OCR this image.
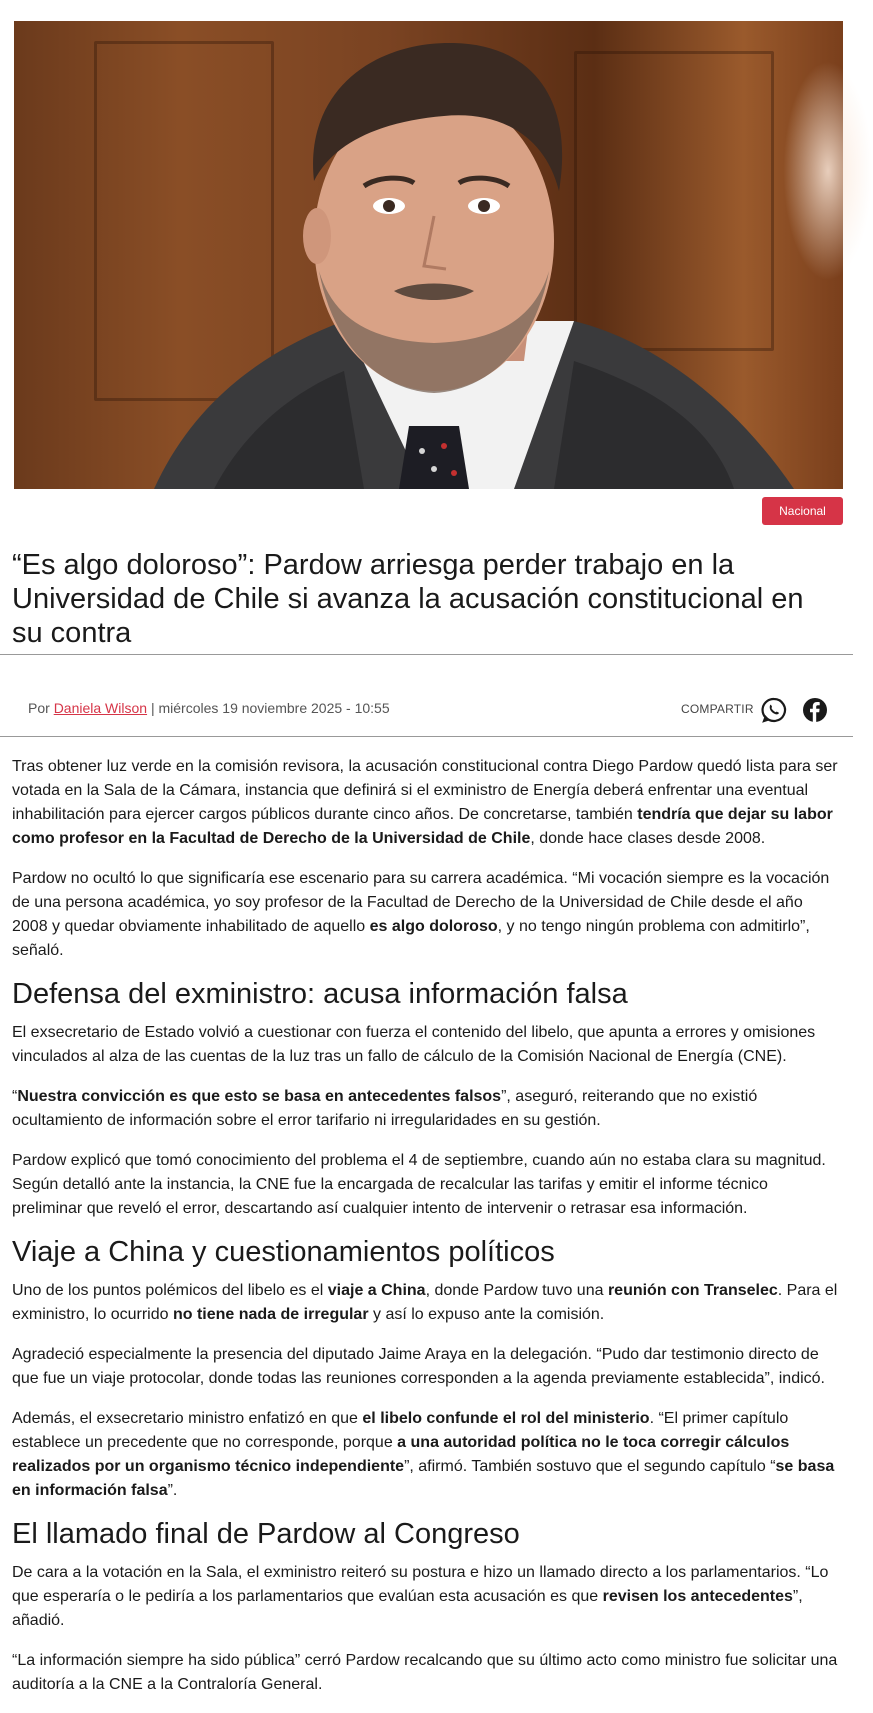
Nacional
“Es algo doloroso”: Pardow arriesga perder trabajo en la Universidad de Chile si avanza la acusación constitucional en su contra
Por Daniela Wilson | miércoles 19 noviembre 2025 - 10:55	COMPARTIR

Tras obtener luz verde en la comisión revisora, la acusación constitucional contra Diego Pardow quedó lista para ser votada en la Sala de la Cámara, instancia que definirá si el exministro de Energía deberá enfrentar una eventual inhabilitación para ejercer cargos públicos durante cinco años. De concretarse, también tendría que dejar su labor como profesor en la Facultad de Derecho de la Universidad de Chile, donde hace clases desde 2008.

Pardow no ocultó lo que significaría ese escenario para su carrera académica. “Mi vocación siempre es la vocación de una persona académica, yo soy profesor de la Facultad de Derecho de la Universidad de Chile desde el año 2008 y quedar obviamente inhabilitado de aquello es algo doloroso, y no tengo ningún problema con admitirlo”, señaló.

Defensa del exministro: acusa información falsa

El exsecretario de Estado volvió a cuestionar con fuerza el contenido del libelo, que apunta a errores y omisiones vinculados al alza de las cuentas de la luz tras un fallo de cálculo de la Comisión Nacional de Energía (CNE).

“Nuestra convicción es que esto se basa en antecedentes falsos”, aseguró, reiterando que no existió ocultamiento de información sobre el error tarifario ni irregularidades en su gestión.

Pardow explicó que tomó conocimiento del problema el 4 de septiembre, cuando aún no estaba clara su magnitud. Según detalló ante la instancia, la CNE fue la encargada de recalcular las tarifas y emitir el informe técnico preliminar que reveló el error, descartando así cualquier intento de intervenir o retrasar esa información.

Viaje a China y cuestionamientos políticos

Uno de los puntos polémicos del libelo es el viaje a China, donde Pardow tuvo una reunión con Transelec. Para el exministro, lo ocurrido no tiene nada de irregular y así lo expuso ante la comisión.

Agradeció especialmente la presencia del diputado Jaime Araya en la delegación. “Pudo dar testimonio directo de que fue un viaje protocolar, donde todas las reuniones corresponden a la agenda previamente establecida”, indicó.

Además, el exsecretario ministro enfatizó en que el libelo confunde el rol del ministerio. “El primer capítulo establece un precedente que no corresponde, porque a una autoridad política no le toca corregir cálculos realizados por un organismo técnico independiente”, afirmó. También sostuvo que el segundo capítulo “se basa en información falsa”.

El llamado final de Pardow al Congreso

De cara a la votación en la Sala, el exministro reiteró su postura e hizo un llamado directo a los parlamentarios. “Lo que esperaría o le pediría a los parlamentarios que evalúan esta acusación es que revisen los antecedentes”, añadió.

“La información siempre ha sido pública” cerró Pardow recalcando que su último acto como ministro fue solicitar una auditoría a la CNE a la Contraloría General.
